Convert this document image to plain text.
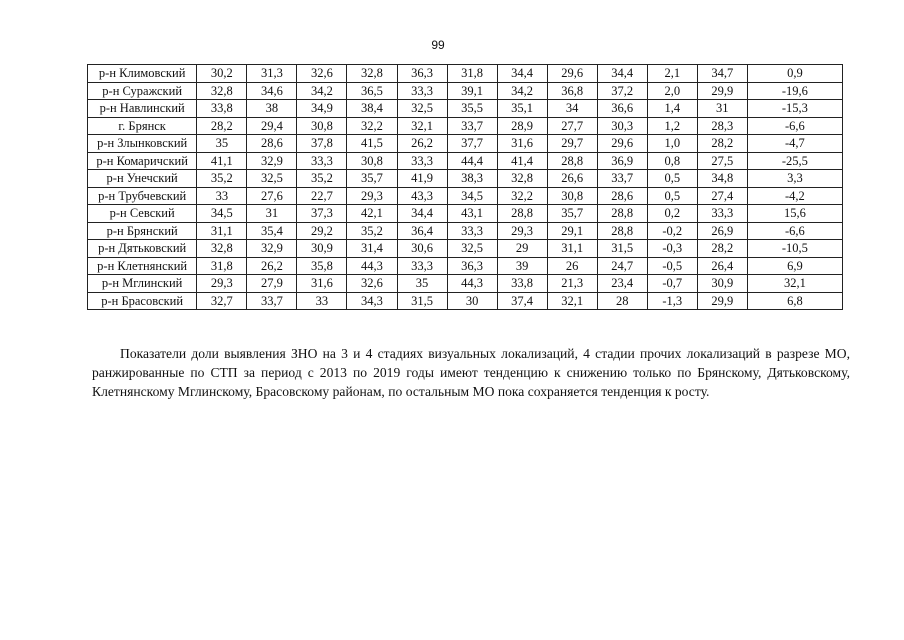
99
р-н Климовский	30,2	31,3	32,6	32,8	36,3	31,8	34,4	29,6	34,4	2,1	34,7	0,9
р-н Суражский	32,8	34,6	34,2	36,5	33,3	39,1	34,2	36,8	37,2	2,0	29,9	-19,6
р-н Навлинский	33,8	38	34,9	38,4	32,5	35,5	35,1	34	36,6	1,4	31	-15,3
г. Брянск	28,2	29,4	30,8	32,2	32,1	33,7	28,9	27,7	30,3	1,2	28,3	-6,6
р-н Злынковский	35	28,6	37,8	41,5	26,2	37,7	31,6	29,7	29,6	1,0	28,2	-4,7
р-н Комаричский	41,1	32,9	33,3	30,8	33,3	44,4	41,4	28,8	36,9	0,8	27,5	-25,5
р-н Унечский	35,2	32,5	35,2	35,7	41,9	38,3	32,8	26,6	33,7	0,5	34,8	3,3
р-н Трубчевский	33	27,6	22,7	29,3	43,3	34,5	32,2	30,8	28,6	0,5	27,4	-4,2
р-н Севский	34,5	31	37,3	42,1	34,4	43,1	28,8	35,7	28,8	0,2	33,3	15,6
р-н Брянский	31,1	35,4	29,2	35,2	36,4	33,3	29,3	29,1	28,8	-0,2	26,9	-6,6
р-н Дятьковский	32,8	32,9	30,9	31,4	30,6	32,5	29	31,1	31,5	-0,3	28,2	-10,5
р-н Клетнянский	31,8	26,2	35,8	44,3	33,3	36,3	39	26	24,7	-0,5	26,4	6,9
р-н Мглинский	29,3	27,9	31,6	32,6	35	44,3	33,8	21,3	23,4	-0,7	30,9	32,1
р-н Брасовский	32,7	33,7	33	34,3	31,5	30	37,4	32,1	28	-1,3	29,9	6,8

Показатели доли выявления ЗНО на 3 и 4 стадиях визуальных локализаций, 4 стадии прочих локализаций в разрезе МО, ранжированные по СТП за период с 2013 по 2019 годы имеют тенденцию к снижению только по Брянскому, Дятьковскому, Клетнянскому Мглинскому, Брасовскому районам, по остальным МО пока сохраняется тенденция к росту.
